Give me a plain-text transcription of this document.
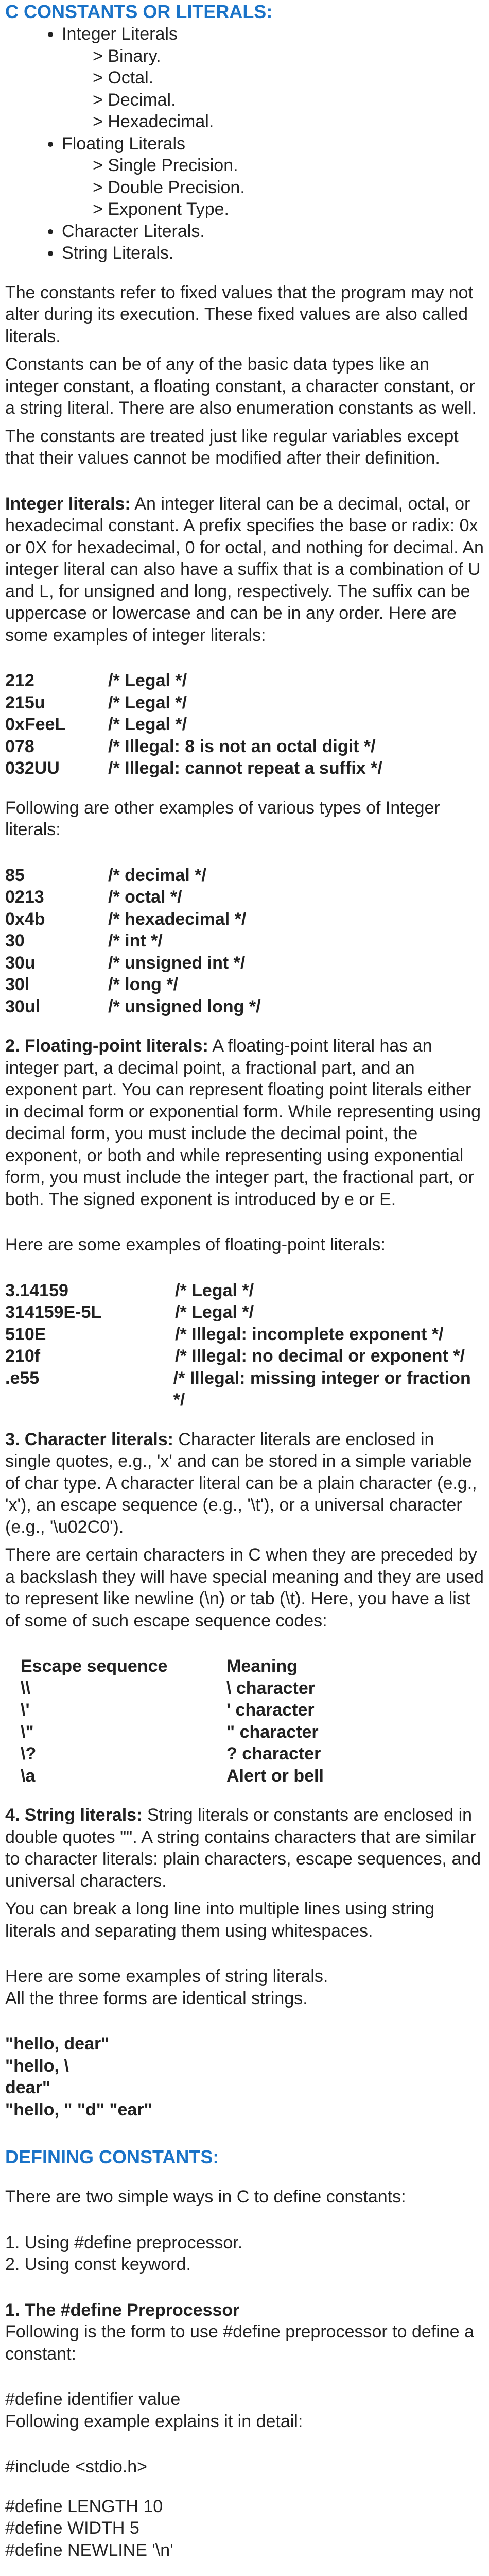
C CONSTANTS OR LITERALS:
• Integer Literals
> Binary.
> Octal.
> Decimal.
> Hexadecimal.
• Floating Literals
> Single Precision.
> Double Precision.
> Exponent Type.
• Character Literals.
• String Literals.

The constants refer to fixed values that the program may not alter during its execution. These fixed values are also called literals.

Constants can be of any of the basic data types like an integer constant, a floating constant, a character constant, or a string literal. There are also enumeration constants as well.

The constants are treated just like regular variables except that their values cannot be modified after their definition.

Integer literals: An integer literal can be a decimal, octal, or hexadecimal constant. A prefix specifies the base or radix: 0x or 0X for hexadecimal, 0 for octal, and nothing for decimal. An integer literal can also have a suffix that is a combination of U and L, for unsigned and long, respectively. The suffix can be uppercase or lowercase and can be in any order. Here are some examples of integer literals:

212	/* Legal */
215u	/* Legal */
0xFeeL	/* Legal */
078	/* Illegal: 8 is not an octal digit */
032UU	/* Illegal: cannot repeat a suffix */

Following are other examples of various types of Integer literals:

85	/* decimal */
0213	/* octal */
0x4b	/* hexadecimal */
30	/* int */
30u	/* unsigned int */
30l	/* long */
30ul	/* unsigned long */

2. Floating-point literals: A floating-point literal has an integer part, a decimal point, a fractional part, and an exponent part. You can represent floating point literals either in decimal form or exponential form. While representing using decimal form, you must include the decimal point, the exponent, or both and while representing using exponential form, you must include the integer part, the fractional part, or both. The signed exponent is introduced by e or E.

Here are some examples of floating-point literals:

3.14159	/* Legal */
314159E-5L	/* Legal */
510E	/* Illegal: incomplete exponent */
210f	/* Illegal: no decimal or exponent */
.e55	/* Illegal: missing integer or fraction */

3. Character literals: Character literals are enclosed in single quotes, e.g., 'x' and can be stored in a simple variable of char type. A character literal can be a plain character (e.g., 'x'), an escape sequence (e.g., '\t'), or a universal character (e.g., '\u02C0').

There are certain characters in C when they are preceded by a backslash they will have special meaning and they are used to represent like newline (\n) or tab (\t). Here, you have a list of some of such escape sequence codes:

Escape sequence	Meaning
\\	\ character
\'	' character
\"	" character
\?	? character
\a	Alert or bell

4. String literals: String literals or constants are enclosed in double quotes "". A string contains characters that are similar to character literals: plain characters, escape sequences, and universal characters.

You can break a long line into multiple lines using string literals and separating them using whitespaces.

Here are some examples of string literals.

All the three forms are identical strings.

"hello, dear"
"hello, \
dear"
"hello, " "d" "ear"
DEFINING CONSTANTS:

There are two simple ways in C to define constants:

1. Using #define preprocessor.

2. Using const keyword.

1. The #define Preprocessor

Following is the form to use #define preprocessor to define a constant:

#define identifier value

Following example explains it in detail:

#include <stdio.h>
#define LENGTH 10
#define WIDTH 5
#define NEWLINE '\n'
